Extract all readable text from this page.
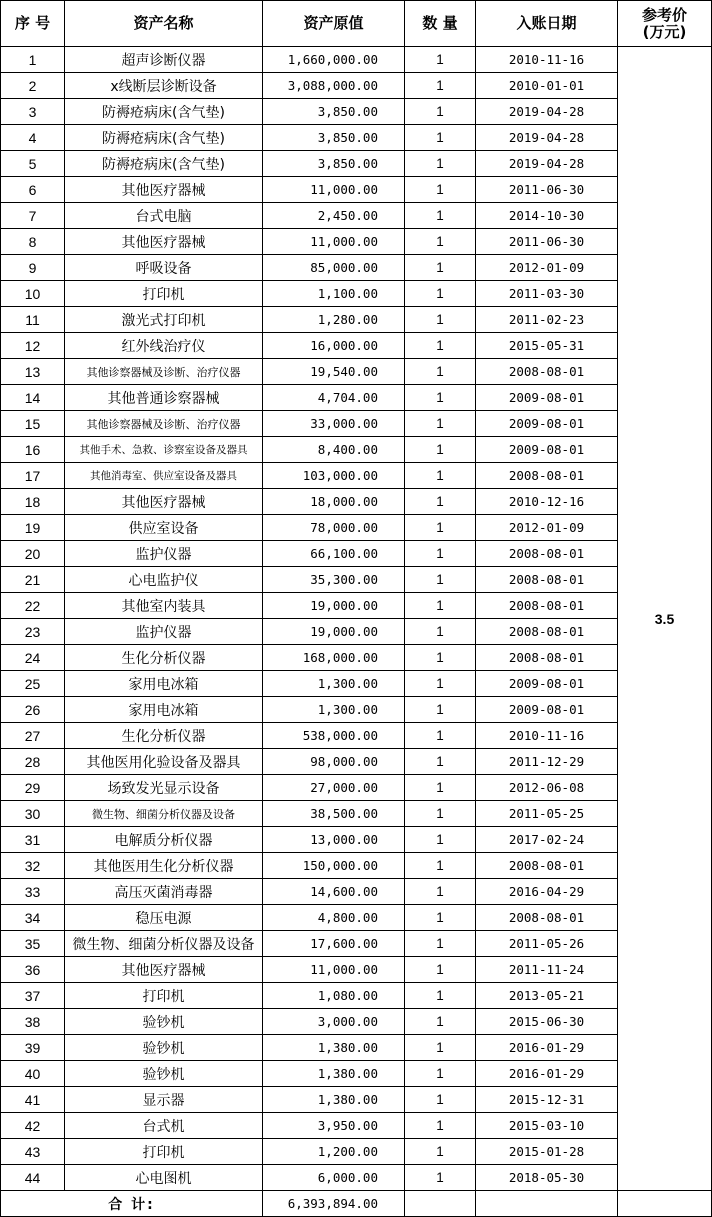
序 号	资产名称	资产原值	数 量	入账日期	参考价
(万元)

1	超声诊断仪器	1,660,000.00	1	2010-11-16	3.5
2	x线断层诊断设备	3,088,000.00	1	2010-01-01	
3	防褥疮病床(含气垫)	3,850.00	1	2019-04-28	
4	防褥疮病床(含气垫)	3,850.00	1	2019-04-28	
5	防褥疮病床(含气垫)	3,850.00	1	2019-04-28	
6	其他医疗器械	11,000.00	1	2011-06-30	
7	台式电脑	2,450.00	1	2014-10-30	
8	其他医疗器械	11,000.00	1	2011-06-30	
9	呼吸设备	85,000.00	1	2012-01-09	
10	打印机	1,100.00	1	2011-03-30	
11	激光式打印机	1,280.00	1	2011-02-23	
12	红外线治疗仪	16,000.00	1	2015-05-31	
13	其他诊察器械及诊断、治疗仪器	19,540.00	1	2008-08-01	
14	其他普通诊察器械	4,704.00	1	2009-08-01	
15	其他诊察器械及诊断、治疗仪器	33,000.00	1	2009-08-01	
16	其他手术、急救、诊察室设备及器具	8,400.00	1	2009-08-01	
17	其他消毒室、供应室设备及器具	103,000.00	1	2008-08-01	
18	其他医疗器械	18,000.00	1	2010-12-16	
19	供应室设备	78,000.00	1	2012-01-09	
20	监护仪器	66,100.00	1	2008-08-01	
21	心电监护仪	35,300.00	1	2008-08-01	
22	其他室内装具	19,000.00	1	2008-08-01	
23	监护仪器	19,000.00	1	2008-08-01	
24	生化分析仪器	168,000.00	1	2008-08-01	
25	家用电冰箱	1,300.00	1	2009-08-01	
26	家用电冰箱	1,300.00	1	2009-08-01	
27	生化分析仪器	538,000.00	1	2010-11-16	
28	其他医用化验设备及器具	98,000.00	1	2011-12-29	
29	场致发光显示设备	27,000.00	1	2012-06-08	
30	微生物、细菌分析仪器及设备	38,500.00	1	2011-05-25	
31	电解质分析仪器	13,000.00	1	2017-02-24	
32	其他医用生化分析仪器	150,000.00	1	2008-08-01	
33	高压灭菌消毒器	14,600.00	1	2016-04-29	
34	稳压电源	4,800.00	1	2008-08-01	
35	微生物、细菌分析仪器及设备	17,600.00	1	2011-05-26	
36	其他医疗器械	11,000.00	1	2011-11-24	
37	打印机	1,080.00	1	2013-05-21	
38	验钞机	3,000.00	1	2015-06-30	
39	验钞机	1,380.00	1	2016-01-29	
40	验钞机	1,380.00	1	2016-01-29	
41	显示器	1,380.00	1	2015-12-31	
42	台式机	3,950.00	1	2015-03-10	
43	打印机	1,200.00	1	2015-01-28	
44	心电图机	6,000.00	1	2018-05-30	
合 计:		6,393,894.00			
